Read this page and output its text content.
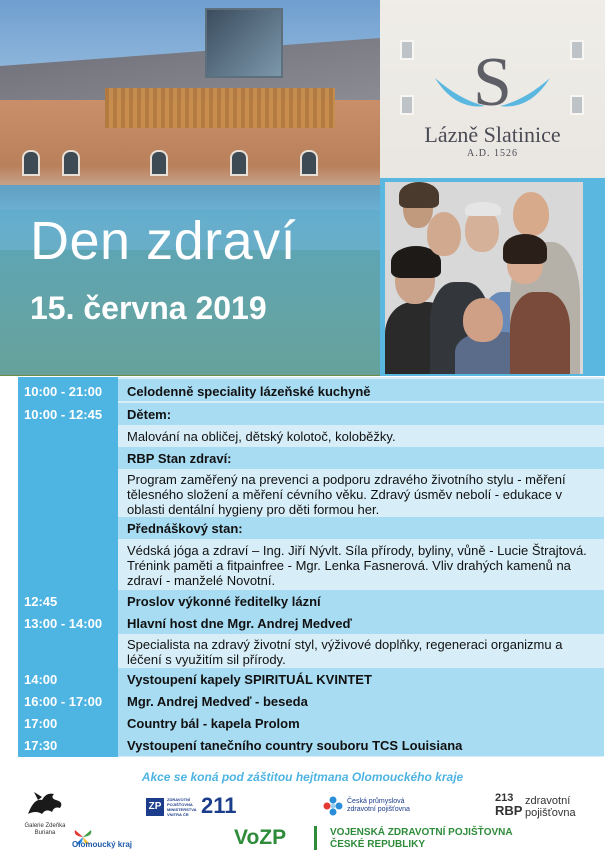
S
Lázně Slatinice
A.D. 1526
Den zdraví
15. června 2019
10:00 - 21:00 Celodenně speciality lázeňské kuchyně
10:00 - 12:45 Dětem:
Malování na obličej, dětský kolotoč, koloběžky.
RBP Stan zdraví:
Program zaměřený na prevenci a podporu zdravého životního stylu - měření tělesného složení a měření cévního věku. Zdravý úsměv nebolí - edukace v oblasti dentální hygieny pro děti formou her.
Přednáškový stan:
Védská jóga a zdraví – Ing. Jiří Nývlt. Síla přírody, byliny, vůně - Lucie Štrajtová. Trénink paměti a fitpainfree - Mgr. Lenka Fasnerová. Vliv drahých kamenů na zdraví - manželé Novotní.
12:45	Proslov výkonné ředitelky lázní
13:00 - 14:00 Hlavní host dne Mgr. Andrej Medveď
Specialista na zdravý životní styl, výživové doplňky, regeneraci organizmu a léčení s využitím sil přírody.
14:00	Vystoupení kapely SPIRITUÁL KVINTET
16:00 - 17:00 Mgr. Andrej Medveď - beseda
17:00	Country bál - kapela Prolom
17:30	Vystoupení tanečního country souboru TCS Louisiana
Akce se koná pod záštitou hejtmana Olomouckého kraje
Galerie Zdeňka Buriana
ZP
ZDRAVOTNÍ POJIŠŤOVNA MINISTERSTVA VNITRA ČR 211	Česká průmyslová zdravotní pojišťovna
213
RBP
zdravotní
pojišťovna
Olomoucký kraj	VoZP	VOJENSKÁ ZDRAVOTNÍ POJIŠŤOVNA
ČESKÉ REPUBLIKY
